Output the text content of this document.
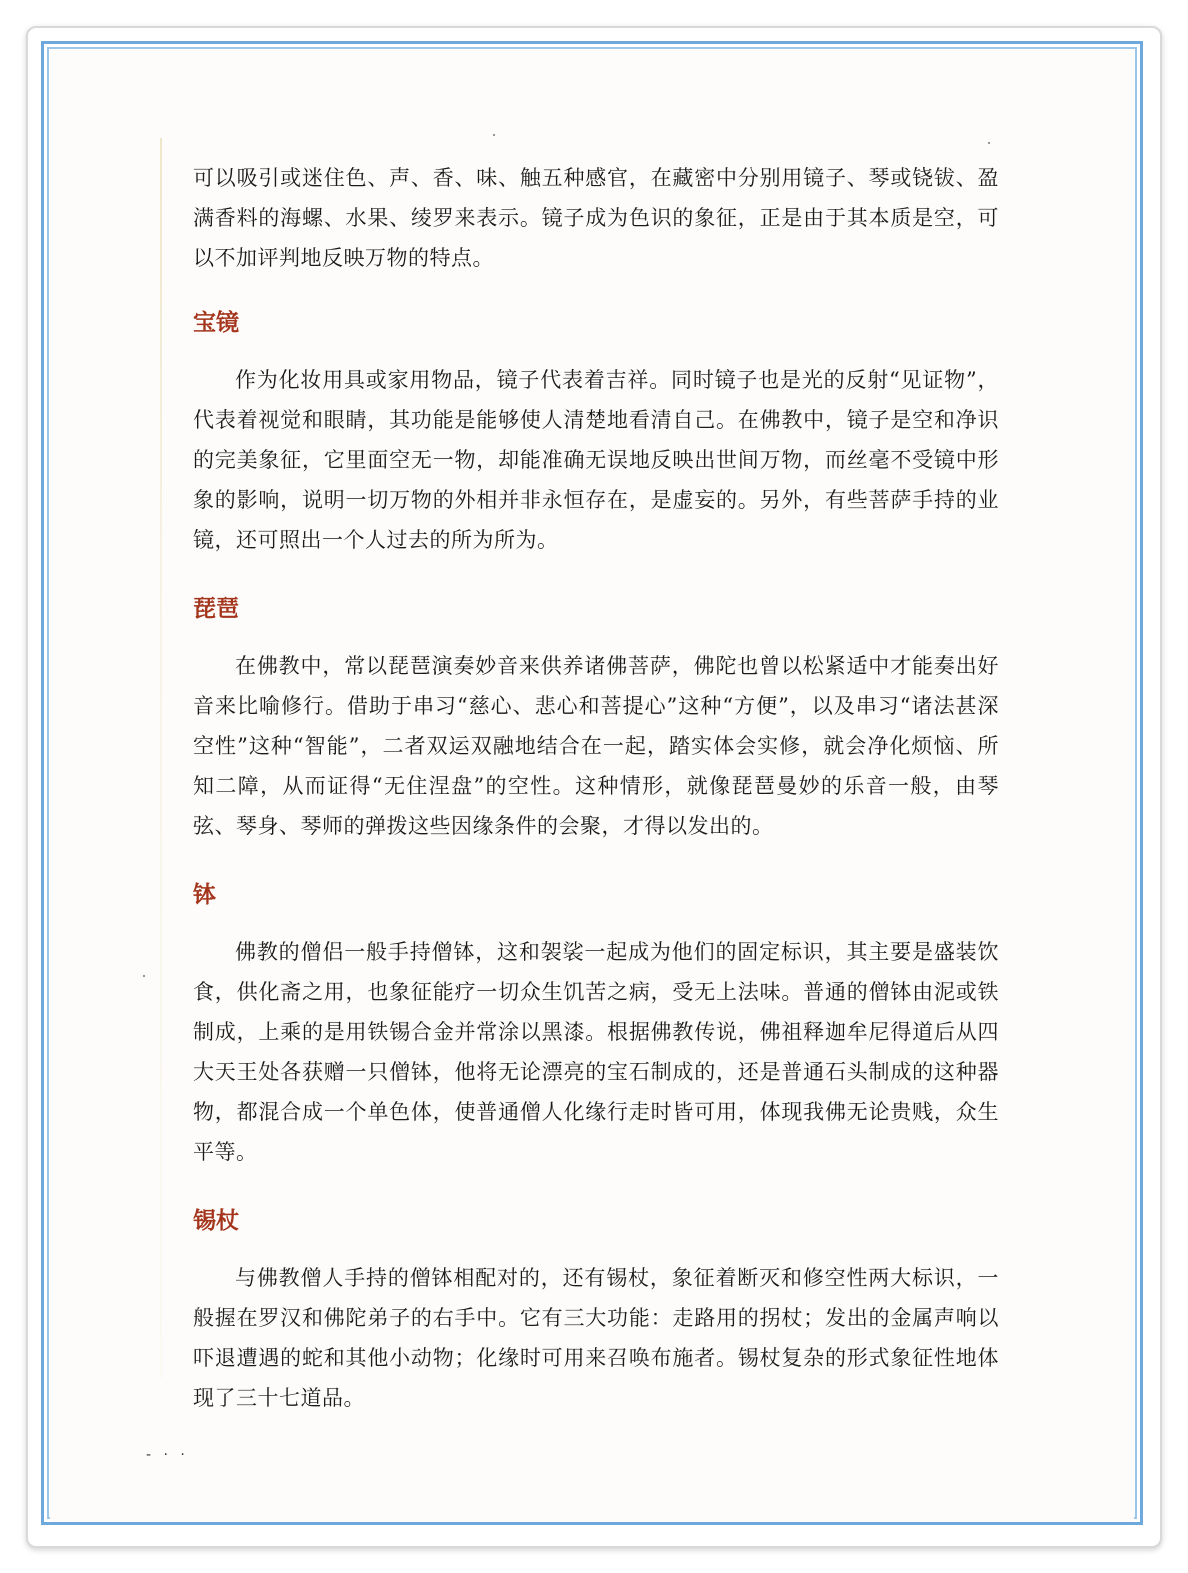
可以吸引或迷住色、声、香、味、触五种感官，在藏密中分别用镜子、琴或铙钹、盈满香料的海螺、水果、绫罗来表示。镜子成为色识的象征，正是由于其本质是空，可以不加评判地反映万物的特点。

宝镜

作为化妆用具或家用物品，镜子代表着吉祥。同时镜子也是光的反射“见证物”，代表着视觉和眼睛，其功能是能够使人清楚地看清自己。在佛教中，镜子是空和净识的完美象征，它里面空无一物，却能准确无误地反映出世间万物，而丝毫不受镜中形象的影响，说明一切万物的外相并非永恒存在，是虚妄的。另外，有些菩萨手持的业镜，还可照出一个人过去的所为所为。

琵琶

在佛教中，常以琵琶演奏妙音来供养诸佛菩萨，佛陀也曾以松紧适中才能奏出好音来比喻修行。借助于串习“慈心、悲心和菩提心”这种“方便”，以及串习“诸法甚深空性”这种“智能”，二者双运双融地结合在一起，踏实体会实修，就会净化烦恼、所知二障，从而证得“无住涅盘”的空性。这种情形，就像琵琶曼妙的乐音一般，由琴弦、琴身、琴师的弹拨这些因缘条件的会聚，才得以发出的。

钵

佛教的僧侣一般手持僧钵，这和袈裟一起成为他们的固定标识，其主要是盛装饮食，供化斋之用，也象征能疗一切众生饥苦之病，受无上法味。普通的僧钵由泥或铁制成，上乘的是用铁锡合金并常涂以黑漆。根据佛教传说，佛祖释迦牟尼得道后从四大天王处各获赠一只僧钵，他将无论漂亮的宝石制成的，还是普通石头制成的这种器物，都混合成一个单色体，使普通僧人化缘行走时皆可用，体现我佛无论贵贱，众生平等。

锡杖

与佛教僧人手持的僧钵相配对的，还有锡杖，象征着断灭和修空性两大标识，一般握在罗汉和佛陀弟子的右手中。它有三大功能：走路用的拐杖；发出的金属声响以吓退遭遇的蛇和其他小动物；化缘时可用来召唤布施者。锡杖复杂的形式象征性地体现了三十七道品。

- · ·
